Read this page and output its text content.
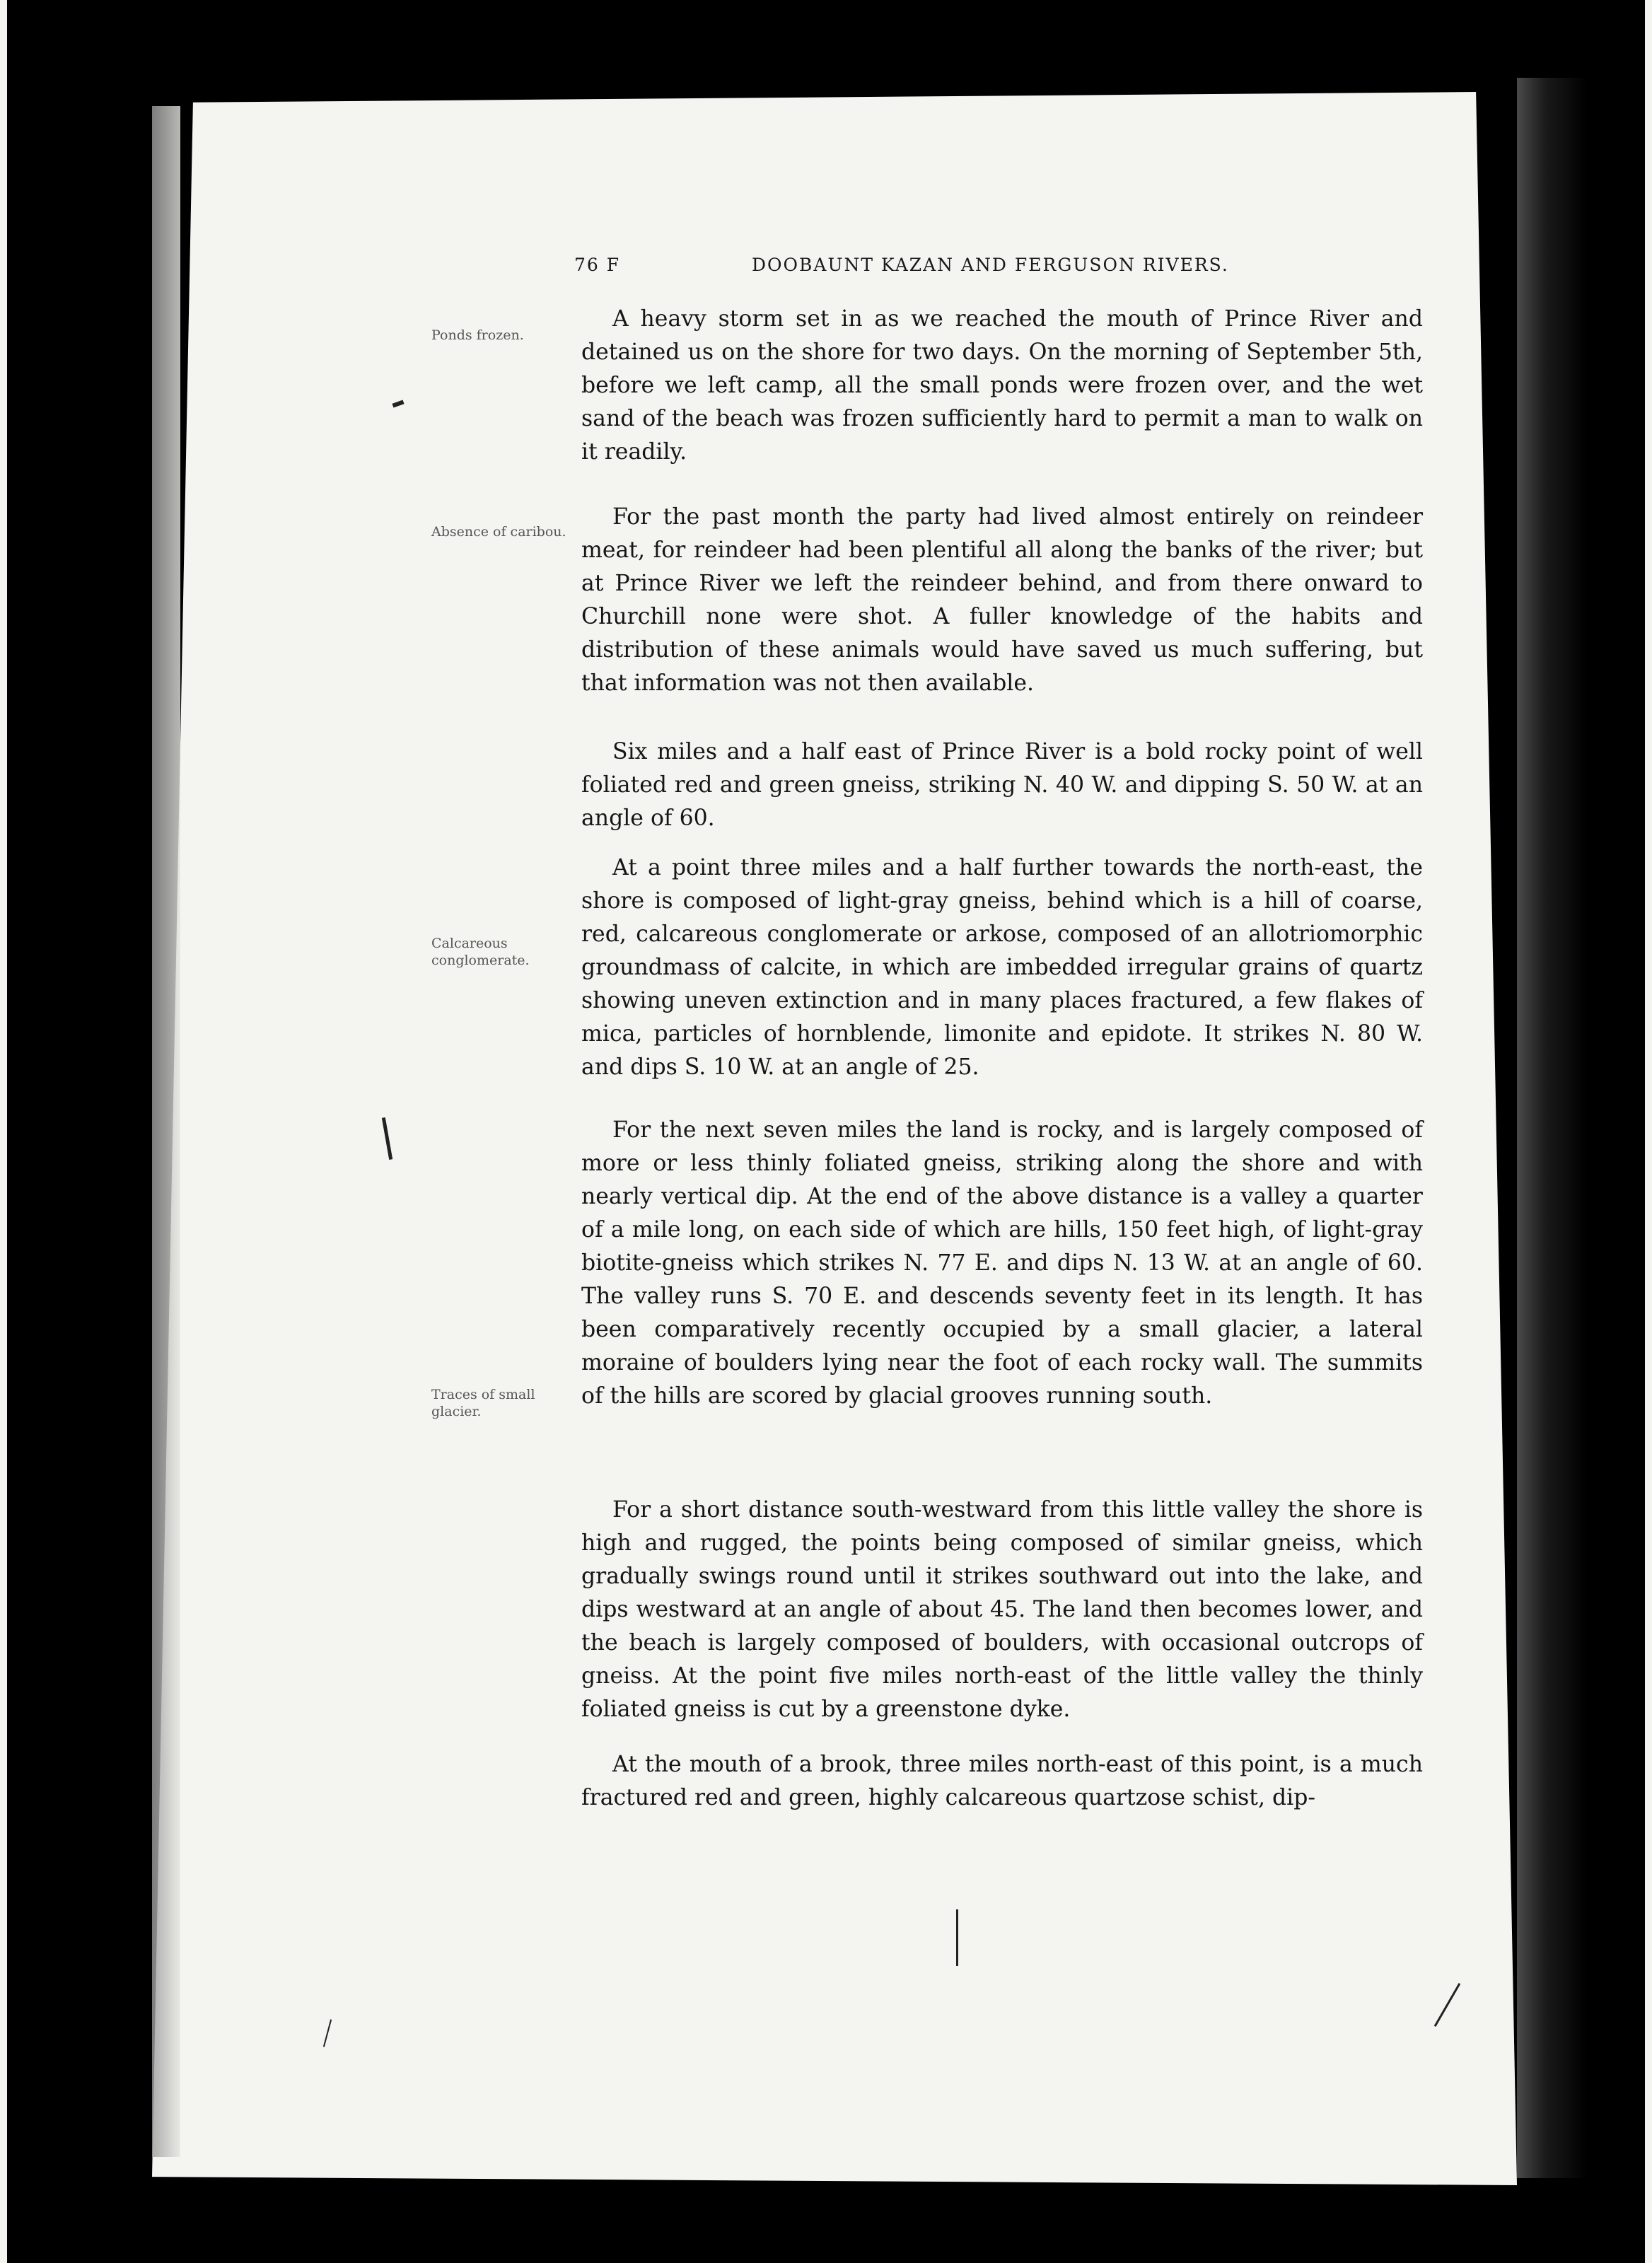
76 F	DOOBAUNT KAZAN AND FERGUSON RIVERS.
Ponds frozen.
Absence of caribou.
Calcareous conglomerate.
Traces of small glacier.

A heavy storm set in as we reached the mouth of Prince River and detained us on the shore for two days. On the morning of September 5th, before we left camp, all the small ponds were frozen over, and the wet sand of the beach was frozen sufficiently hard to permit a man to walk on it readily.

For the past month the party had lived almost entirely on reindeer meat, for reindeer had been plentiful all along the banks of the river; but at Prince River we left the reindeer behind, and from there onward to Churchill none were shot. A fuller knowledge of the habits and distribution of these animals would have saved us much suffering, but that information was not then available.

Six miles and a half east of Prince River is a bold rocky point of well foliated red and green gneiss, striking N. 40 W. and dipping S. 50 W. at an angle of 60.

At a point three miles and a half further towards the north-east, the shore is composed of light-gray gneiss, behind which is a hill of coarse, red, calcareous conglomerate or arkose, composed of an allotriomorphic groundmass of calcite, in which are imbedded irregular grains of quartz showing uneven extinction and in many places fractured, a few flakes of mica, particles of hornblende, limonite and epidote. It strikes N. 80 W. and dips S. 10 W. at an angle of 25.

For the next seven miles the land is rocky, and is largely composed of more or less thinly foliated gneiss, striking along the shore and with nearly vertical dip. At the end of the above distance is a valley a quarter of a mile long, on each side of which are hills, 150 feet high, of light-gray biotite-gneiss which strikes N. 77 E. and dips N. 13 W. at an angle of 60. The valley runs S. 70 E. and descends seventy feet in its length. It has been comparatively recently occupied by a small glacier, a lateral moraine of boulders lying near the foot of each rocky wall. The summits of the hills are scored by glacial grooves running south.

For a short distance south-westward from this little valley the shore is high and rugged, the points being composed of similar gneiss, which gradually swings round until it strikes southward out into the lake, and dips westward at an angle of about 45. The land then becomes lower, and the beach is largely composed of boulders, with occasional outcrops of gneiss. At the point five miles north-east of the little valley the thinly foliated gneiss is cut by a greenstone dyke.

At the mouth of a brook, three miles north-east of this point, is a much fractured red and green, highly calcareous quartzose schist, dip-
